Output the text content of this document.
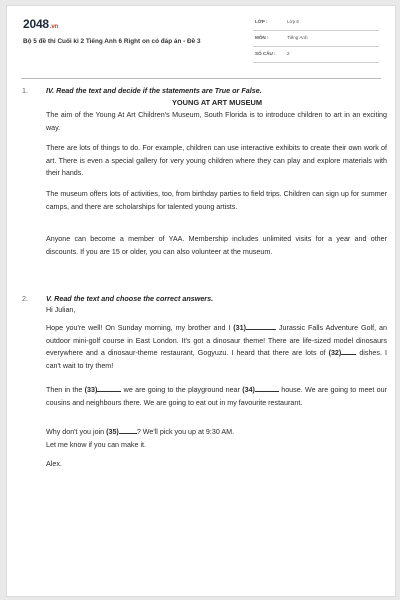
2048.vn
Bộ 5 đề thi Cuối kì 2 Tiếng Anh 6 Right on có đáp án - Đề 3
LỚP :	Lớp 6
MÔN :	Tiếng Anh
SỐ CÂU : 2
1.	IV. Read the text and decide if the statements are True or False.
YOUNG AT ART MUSEUM
The aim of the Young At Art Children's Museum, South Florida is to introduce children to art in an exciting way.
There are lots of things to do. For example, children can use interactive exhibits to create their own work of art. There is even a special gallery for very young children where they can play and explore materials with their hands.
The museum offers lots of activities, too, from birthday parties to field trips. Children can sign up for summer camps, and there are scholarships for talented young artists.
Anyone can become a member of YAA. Membership includes unlimited visits for a year and other discounts. If you are 15 or older, you can also volunteer at the museum.
2.	V. Read the text and choose the correct answers.
Hi Julian,
Hope you're well! On Sunday morning, my brother and I (31)	Jurassic Falls Adventure Golf, an outdoor mini-golf course in East London. It's got a dinosaur theme! There are life-sized model dinosaurs everywhere and a dinosaur-theme restaurant, Gogyuzu. I heard that there are lots of (32) dishes. I can't wait to try them!
Then in the (33)	we are going to the playground near (34)	house. We are going to meet our cousins and neighbours there. We are going to eat out in my favourite restaurant.
Why don't you join (35)	? We'll pick you up at 9:30 AM.
Let me know if you can make it.
Alex.
